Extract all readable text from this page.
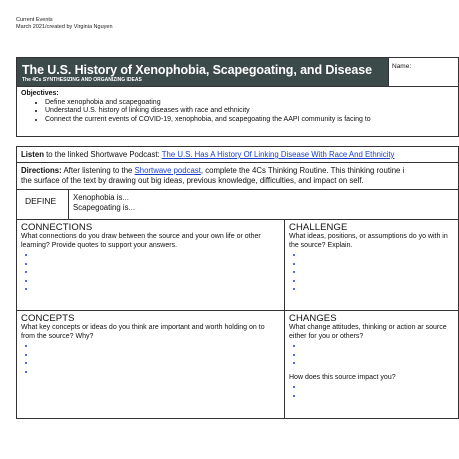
Current Events
March 2021/created by Virginia Nguyen
The U.S. History of Xenophobia, Scapegoating, and Disease
The 4Cs SYNTHESIZING AND ORGANIZING IDEAS
Name:
Objectives:
• Define xenophobia and scapegoating
• Understand U.S. history of linking diseases with race and ethnicity
• Connect the current events of COVID-19, xenophobia, and scapegoating the AAPI community is facing to
Listen to the linked Shortwave Podcast: The U.S. Has A History Of Linking Disease With Race And Ethnicity
Directions: After listening to the Shortwave podcast, complete the 4Cs Thinking Routine. This thinking routine i
the surface of the text by drawing out big ideas, previous knowledge, difficulties, and impact on self.
DEFINE	Xenophobia is...
Scapegoating is...
CONNECTIONS

What connections do you draw between the source and your own life or other learning? Provide quotes to support your answers.

•
•
•
•
•
CHALLENGE

What ideas, positions, or assumptions do yo with in the source? Explain.

•
•
•
•
•
CONCEPTS

What key concepts or ideas do you think are important and worth holding on to from the source? Why?

•
•
•
•
CHANGES

What change attitudes, thinking or action ar source either for you or others?

•
•
•

How does this source impact you?

•
•
